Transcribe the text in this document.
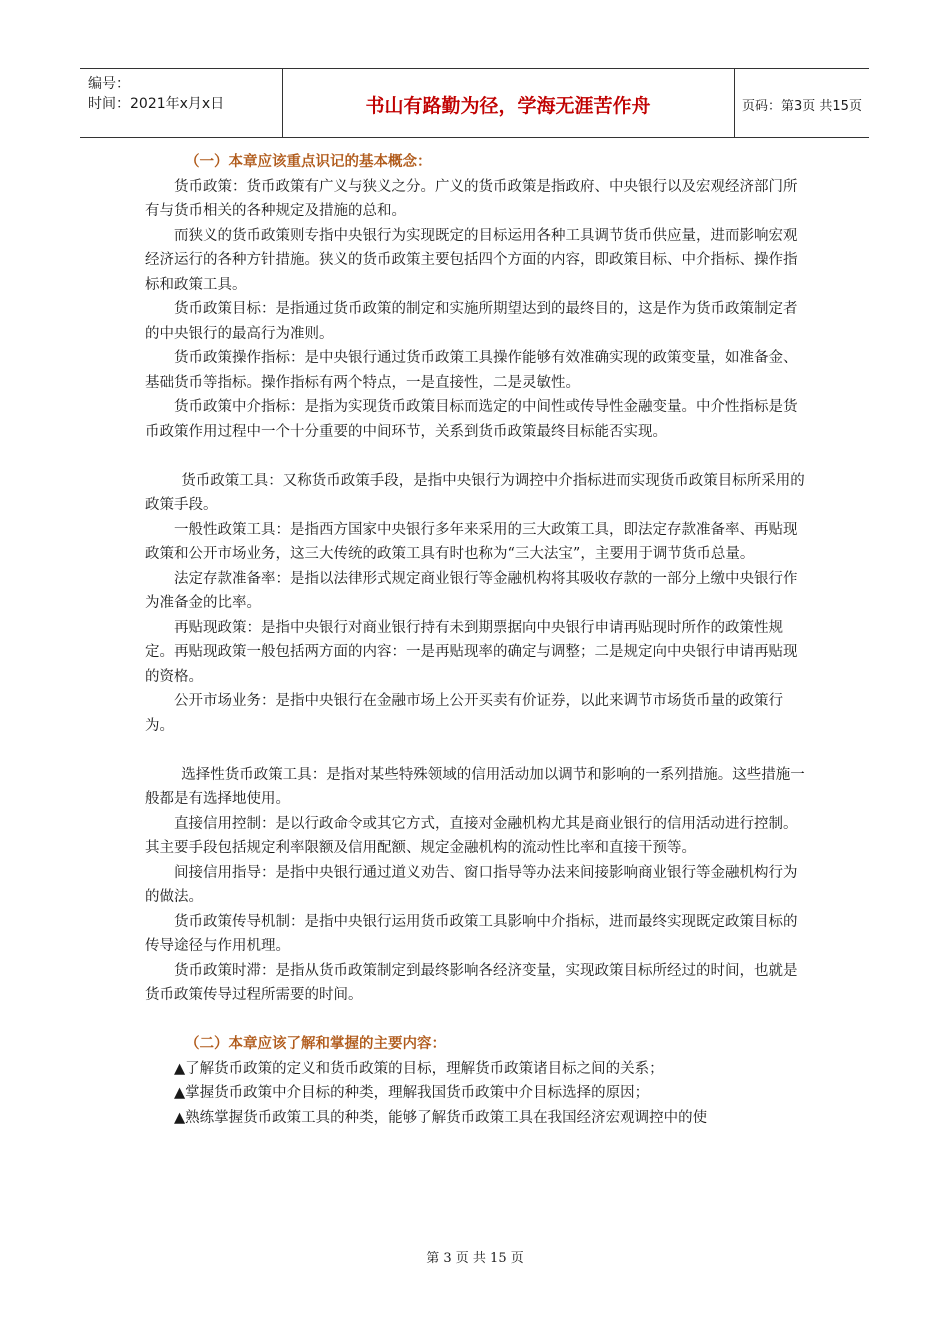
编号：
时间：2021年x月x日	书山有路勤为径，学海无涯苦作舟	页码：第3页 共15页

（一）本章应该重点识记的基本概念：

货币政策：货币政策有广义与狭义之分。广义的货币政策是指政府、中央银行以及宏观经济部门所有与货币相关的各种规定及措施的总和。

而狭义的货币政策则专指中央银行为实现既定的目标运用各种工具调节货币供应量，进而影响宏观经济运行的各种方针措施。狭义的货币政策主要包括四个方面的内容，即政策目标、中介指标、操作指标和政策工具。

货币政策目标：是指通过货币政策的制定和实施所期望达到的最终目的，这是作为货币政策制定者的中央银行的最高行为准则。

货币政策操作指标：是中央银行通过货币政策工具操作能够有效准确实现的政策变量，如准备金、基础货币等指标。操作指标有两个特点，一是直接性，二是灵敏性。

货币政策中介指标：是指为实现货币政策目标而选定的中间性或传导性金融变量。中介性指标是货币政策作用过程中一个十分重要的中间环节，关系到货币政策最终目标能否实现。

货币政策工具：又称货币政策手段，是指中央银行为调控中介指标进而实现货币政策目标所采用的政策手段。

一般性政策工具：是指西方国家中央银行多年来采用的三大政策工具，即法定存款准备率、再贴现政策和公开市场业务，这三大传统的政策工具有时也称为“三大法宝”，主要用于调节货币总量。

法定存款准备率：是指以法律形式规定商业银行等金融机构将其吸收存款的一部分上缴中央银行作为准备金的比率。

再贴现政策：是指中央银行对商业银行持有未到期票据向中央银行申请再贴现时所作的政策性规定。再贴现政策一般包括两方面的内容：一是再贴现率的确定与调整；二是规定向中央银行申请再贴现的资格。

公开市场业务：是指中央银行在金融市场上公开买卖有价证券，以此来调节市场货币量的政策行为。

选择性货币政策工具：是指对某些特殊领域的信用活动加以调节和影响的一系列措施。这些措施一般都是有选择地使用。

直接信用控制：是以行政命令或其它方式，直接对金融机构尤其是商业银行的信用活动进行控制。其主要手段包括规定利率限额及信用配额、规定金融机构的流动性比率和直接干预等。

间接信用指导：是指中央银行通过道义劝告、窗口指导等办法来间接影响商业银行等金融机构行为的做法。

货币政策传导机制：是指中央银行运用货币政策工具影响中介指标，进而最终实现既定政策目标的传导途径与作用机理。

货币政策时滞：是指从货币政策制定到最终影响各经济变量，实现政策目标所经过的时间，也就是货币政策传导过程所需要的时间。

（二）本章应该了解和掌握的主要内容：

▲了解货币政策的定义和货币政策的目标，理解货币政策诸目标之间的关系；

▲掌握货币政策中介目标的种类，理解我国货币政策中介目标选择的原因；

▲熟练掌握货币政策工具的种类，能够了解货币政策工具在我国经济宏观调控中的使

第 3 页 共 15 页
